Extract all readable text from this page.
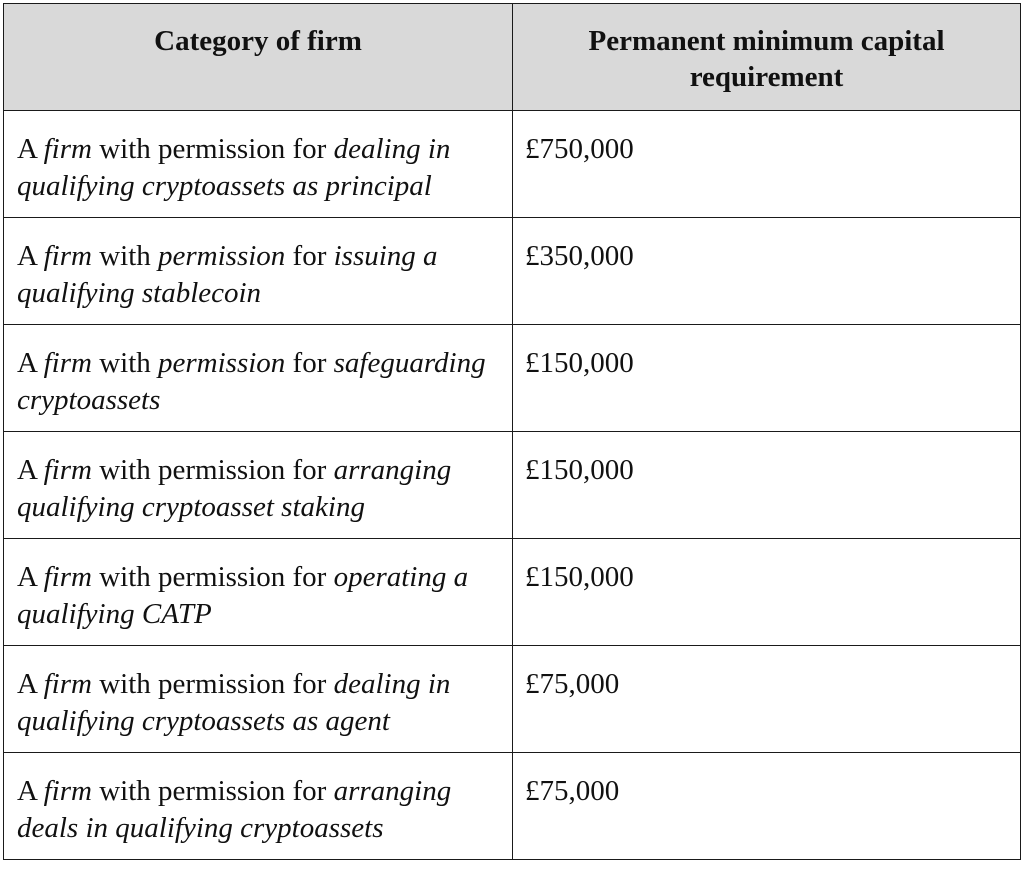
Category of firm	Permanent minimum capital requirement
A firm with permission for dealing in qualifying cryptoassets as principal	£750,000
A firm with permission for issuing a qualifying stablecoin	£350,000
A firm with permission for safeguarding cryptoassets	£150,000
A firm with permission for arranging qualifying cryptoasset staking	£150,000
A firm with permission for operating a qualifying CATP	£150,000
A firm with permission for dealing in qualifying cryptoassets as agent	£75,000
A firm with permission for arranging deals in qualifying cryptoassets	£75,000
